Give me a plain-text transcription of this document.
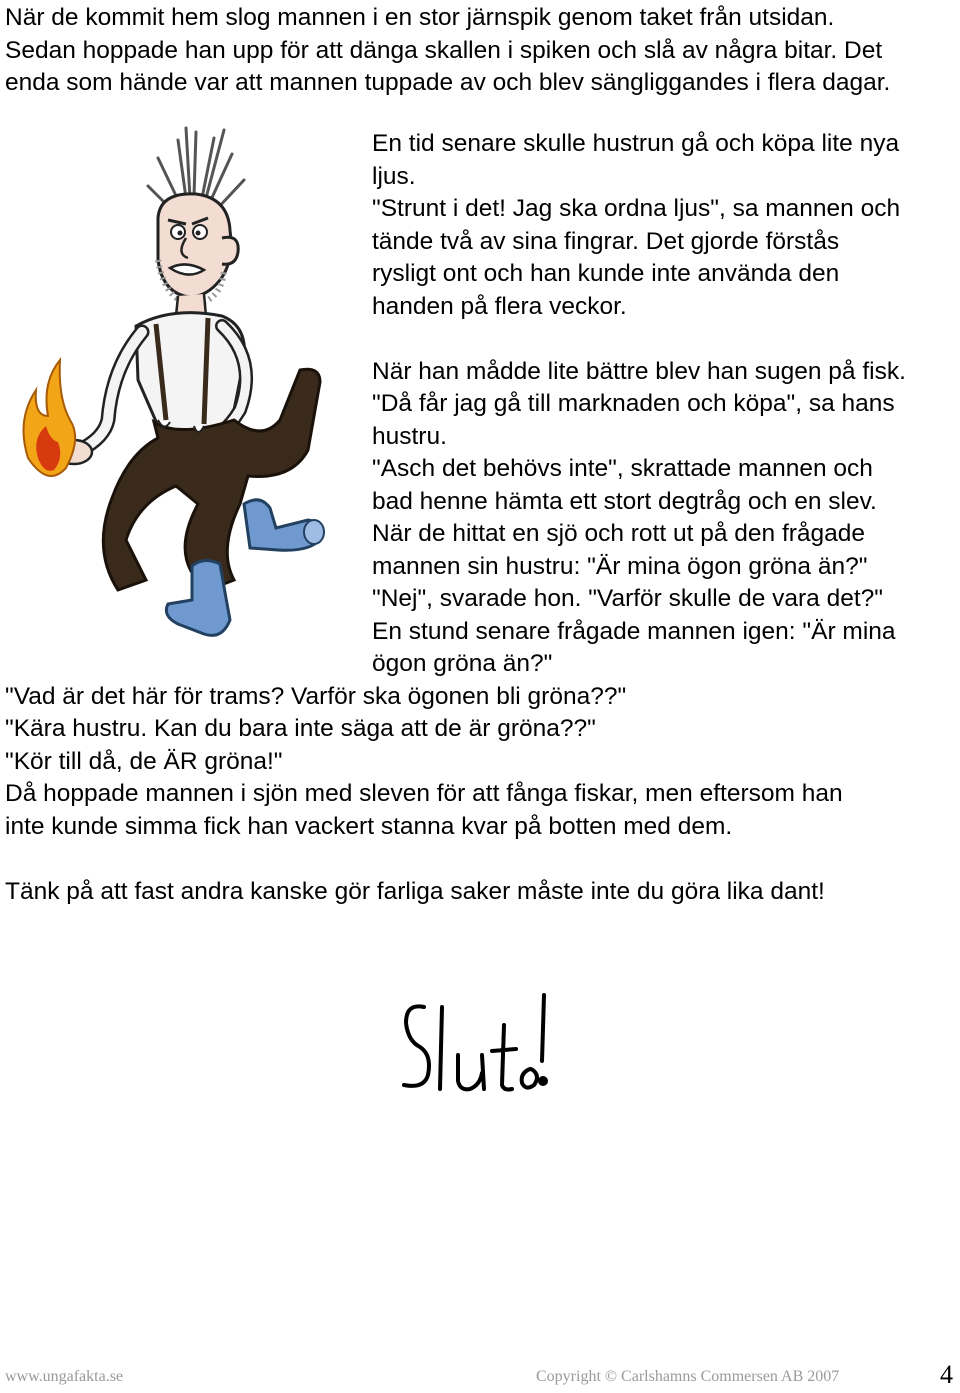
När de kommit hem slog mannen i en stor järnspik genom taket från utsidan.
Sedan hoppade han upp för att dänga skallen i spiken och slå av några bitar. Det
enda som hände var att mannen tuppade av och blev sängliggandes i flera dagar.
En tid senare skulle hustrun gå och köpa lite nya
ljus.
"Strunt i det! Jag ska ordna ljus", sa mannen och
tände två av sina fingrar. Det gjorde förstås
rysligt ont och han kunde inte använda den
handen på flera veckor.
När han mådde lite bättre blev han sugen på fisk.
"Då får jag gå till marknaden och köpa", sa hans
hustru.
"Asch det behövs inte", skrattade mannen och
bad henne hämta ett stort degtråg och en slev.
När de hittat en sjö och rott ut på den frågade
mannen sin hustru: "Är mina ögon gröna än?"
"Nej", svarade hon. "Varför skulle de vara det?"
En stund senare frågade mannen igen: "Är mina
ögon gröna än?"
"Vad är det här för trams? Varför ska ögonen bli gröna??"
"Kära hustru. Kan du bara inte säga att de är gröna??"
"Kör till då, de ÄR gröna!"
Då hoppade mannen i sjön med sleven för att fånga fiskar, men eftersom han
inte kunde simma fick han vackert stanna kvar på botten med dem.
Tänk på att fast andra kanske gör farliga saker måste inte du göra lika dant!
www.ungafakta.se	Copyright © Carlshamns Commersen AB 2007	4
